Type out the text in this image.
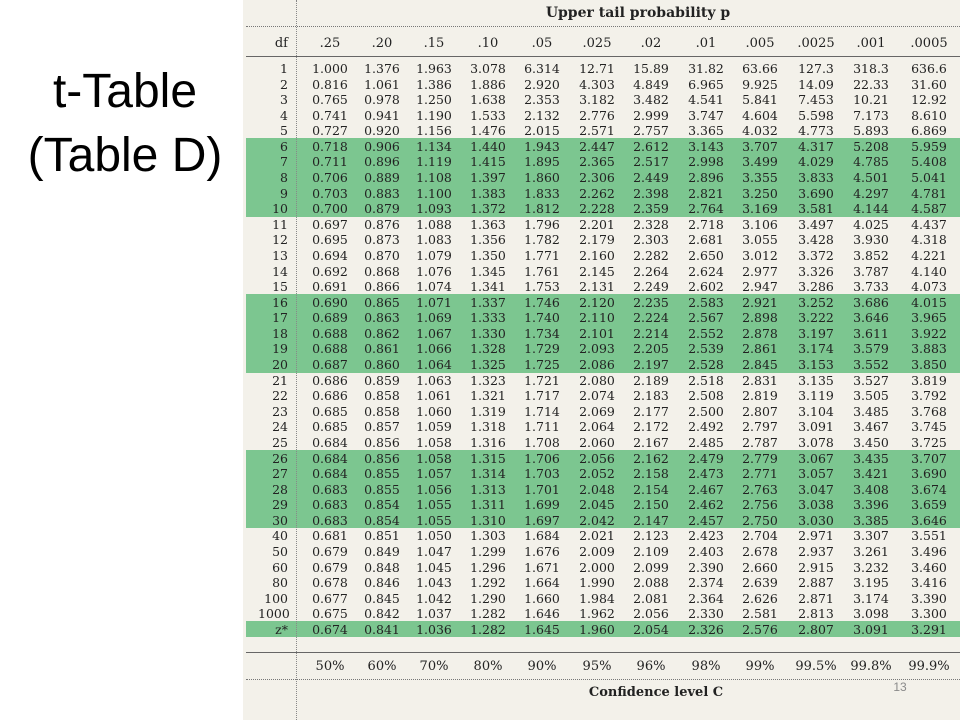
t-Table
(Table D)
df	.25	.20	.15	.10	.05	.025	.02	.01	.005	.0025	.001	.0005
1	1.000	1.376	1.963	3.078	6.314	12.71	15.89	31.82	63.66	127.3	318.3	636.6
2	0.816	1.061	1.386	1.886	2.920	4.303	4.849	6.965	9.925	14.09	22.33	31.60
3	0.765	0.978	1.250	1.638	2.353	3.182	3.482	4.541	5.841	7.453	10.21	12.92
4	0.741	0.941	1.190	1.533	2.132	2.776	2.999	3.747	4.604	5.598	7.173	8.610
5	0.727	0.920	1.156	1.476	2.015	2.571	2.757	3.365	4.032	4.773	5.893	6.869
6	0.718	0.906	1.134	1.440	1.943	2.447	2.612	3.143	3.707	4.317	5.208	5.959
7	0.711	0.896	1.119	1.415	1.895	2.365	2.517	2.998	3.499	4.029	4.785	5.408
8	0.706	0.889	1.108	1.397	1.860	2.306	2.449	2.896	3.355	3.833	4.501	5.041
9	0.703	0.883	1.100	1.383	1.833	2.262	2.398	2.821	3.250	3.690	4.297	4.781
10	0.700	0.879	1.093	1.372	1.812	2.228	2.359	2.764	3.169	3.581	4.144	4.587
11	0.697	0.876	1.088	1.363	1.796	2.201	2.328	2.718	3.106	3.497	4.025	4.437
12	0.695	0.873	1.083	1.356	1.782	2.179	2.303	2.681	3.055	3.428	3.930	4.318
13	0.694	0.870	1.079	1.350	1.771	2.160	2.282	2.650	3.012	3.372	3.852	4.221
14	0.692	0.868	1.076	1.345	1.761	2.145	2.264	2.624	2.977	3.326	3.787	4.140
15	0.691	0.866	1.074	1.341	1.753	2.131	2.249	2.602	2.947	3.286	3.733	4.073
16	0.690	0.865	1.071	1.337	1.746	2.120	2.235	2.583	2.921	3.252	3.686	4.015
17	0.689	0.863	1.069	1.333	1.740	2.110	2.224	2.567	2.898	3.222	3.646	3.965
18	0.688	0.862	1.067	1.330	1.734	2.101	2.214	2.552	2.878	3.197	3.611	3.922
19	0.688	0.861	1.066	1.328	1.729	2.093	2.205	2.539	2.861	3.174	3.579	3.883
20	0.687	0.860	1.064	1.325	1.725	2.086	2.197	2.528	2.845	3.153	3.552	3.850
21	0.686	0.859	1.063	1.323	1.721	2.080	2.189	2.518	2.831	3.135	3.527	3.819
22	0.686	0.858	1.061	1.321	1.717	2.074	2.183	2.508	2.819	3.119	3.505	3.792
23	0.685	0.858	1.060	1.319	1.714	2.069	2.177	2.500	2.807	3.104	3.485	3.768
24	0.685	0.857	1.059	1.318	1.711	2.064	2.172	2.492	2.797	3.091	3.467	3.745
25	0.684	0.856	1.058	1.316	1.708	2.060	2.167	2.485	2.787	3.078	3.450	3.725
26	0.684	0.856	1.058	1.315	1.706	2.056	2.162	2.479	2.779	3.067	3.435	3.707
27	0.684	0.855	1.057	1.314	1.703	2.052	2.158	2.473	2.771	3.057	3.421	3.690
28	0.683	0.855	1.056	1.313	1.701	2.048	2.154	2.467	2.763	3.047	3.408	3.674
29	0.683	0.854	1.055	1.311	1.699	2.045	2.150	2.462	2.756	3.038	3.396	3.659
30	0.683	0.854	1.055	1.310	1.697	2.042	2.147	2.457	2.750	3.030	3.385	3.646
40	0.681	0.851	1.050	1.303	1.684	2.021	2.123	2.423	2.704	2.971	3.307	3.551
50	0.679	0.849	1.047	1.299	1.676	2.009	2.109	2.403	2.678	2.937	3.261	3.496
60	0.679	0.848	1.045	1.296	1.671	2.000	2.099	2.390	2.660	2.915	3.232	3.460
80	0.678	0.846	1.043	1.292	1.664	1.990	2.088	2.374	2.639	2.887	3.195	3.416
100	0.677	0.845	1.042	1.290	1.660	1.984	2.081	2.364	2.626	2.871	3.174	3.390
1000	0.675	0.842	1.037	1.282	1.646	1.962	2.056	2.330	2.581	2.813	3.098	3.300
z*	0.674	0.841	1.036	1.282	1.645	1.960	2.054	2.326	2.576	2.807	3.091	3.291
50%	60%	70%	80%	90%	95%	96%	98%	99%	99.5%	99.8%	99.9%
Upper tail probability p
Confidence level C	13
